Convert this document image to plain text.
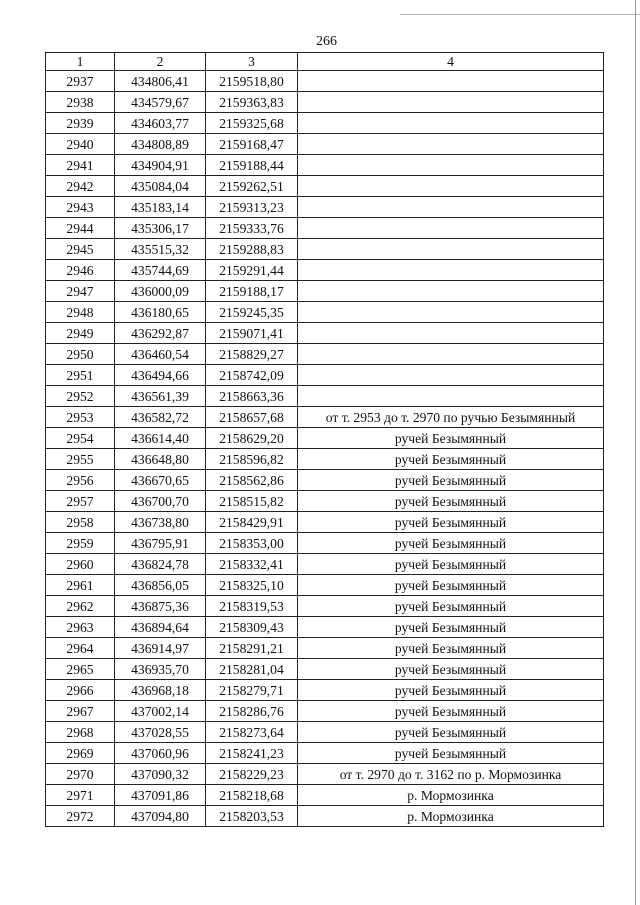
266
1	2	3	4
2937	434806,41	2159518,80	
2938	434579,67	2159363,83	
2939	434603,77	2159325,68	
2940	434808,89	2159168,47	
2941	434904,91	2159188,44	
2942	435084,04	2159262,51	
2943	435183,14	2159313,23	
2944	435306,17	2159333,76	
2945	435515,32	2159288,83	
2946	435744,69	2159291,44	
2947	436000,09	2159188,17	
2948	436180,65	2159245,35	
2949	436292,87	2159071,41	
2950	436460,54	2158829,27	
2951	436494,66	2158742,09	
2952	436561,39	2158663,36	
2953	436582,72	2158657,68	от т. 2953 до т. 2970 по ручью Безымянный
2954	436614,40	2158629,20	ручей Безымянный
2955	436648,80	2158596,82	ручей Безымянный
2956	436670,65	2158562,86	ручей Безымянный
2957	436700,70	2158515,82	ручей Безымянный
2958	436738,80	2158429,91	ручей Безымянный
2959	436795,91	2158353,00	ручей Безымянный
2960	436824,78	2158332,41	ручей Безымянный
2961	436856,05	2158325,10	ручей Безымянный
2962	436875,36	2158319,53	ручей Безымянный
2963	436894,64	2158309,43	ручей Безымянный
2964	436914,97	2158291,21	ручей Безымянный
2965	436935,70	2158281,04	ручей Безымянный
2966	436968,18	2158279,71	ручей Безымянный
2967	437002,14	2158286,76	ручей Безымянный
2968	437028,55	2158273,64	ручей Безымянный
2969	437060,96	2158241,23	ручей Безымянный
2970	437090,32	2158229,23	от т. 2970 до т. 3162 по р. Мормозинка
2971	437091,86	2158218,68	р. Мормозинка
2972	437094,80	2158203,53	р. Мормозинка
